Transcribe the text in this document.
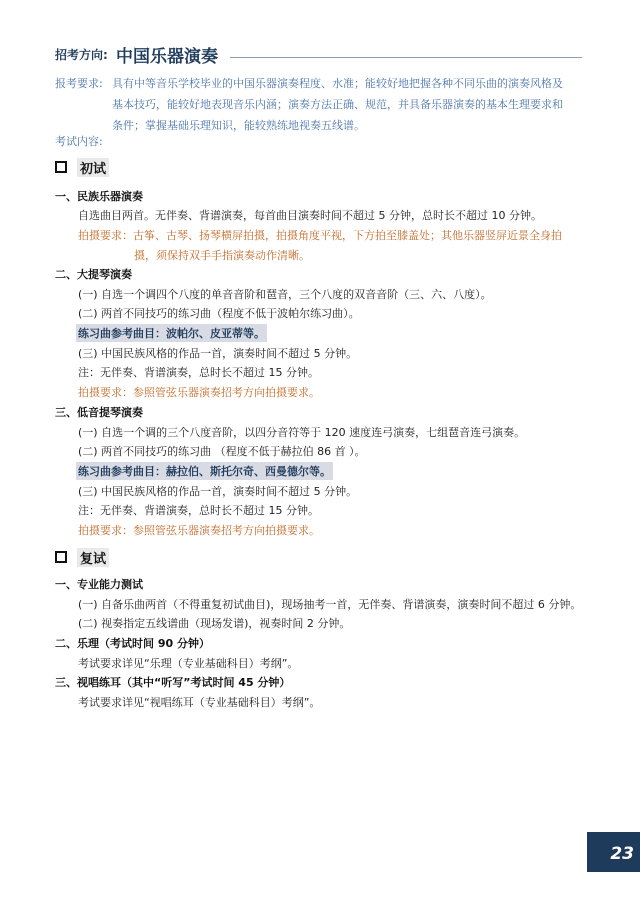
招考方向: 中国乐器演奏
报考要求: 具有中等音乐学校毕业的中国乐器演奏程度、水准；能较好地把握各种不同乐曲的演奏风格及
基本技巧，能较好地表现音乐内涵；演奏方法正确、规范，并具备乐器演奏的基本生理要求和
条件；掌握基础乐理知识，能较熟练地视奏五线谱。
考试内容:
初试
一、民族乐器演奏
自选曲目两首。无伴奏、背谱演奏，每首曲目演奏时间不超过 5 分钟，总时长不超过 10 分钟。
拍摄要求：古筝、古琴、扬琴横屏拍摄，拍摄角度平视，下方拍至膝盖处；其他乐器竖屏近景全身拍
摄，须保持双手手指演奏动作清晰。
二、大提琴演奏
(一) 自选一个调四个八度的单音音阶和琶音，三个八度的双音音阶（三、六、八度）。
(二) 两首不同技巧的练习曲（程度不低于波帕尔练习曲）。
练习曲参考曲目：波帕尔、皮亚蒂等。
(三) 中国民族风格的作品一首，演奏时间不超过 5 分钟。
注：无伴奏、背谱演奏，总时长不超过 15 分钟。
拍摄要求：参照管弦乐器演奏招考方向拍摄要求。
三、低音提琴演奏
(一) 自选一个调的三个八度音阶，以四分音符等于 120 速度连弓演奏，七组琶音连弓演奏。
(二) 两首不同技巧的练习曲 （程度不低于赫拉伯 86 首 ）。
练习曲参考曲目：赫拉伯、斯托尔奇、西曼德尔等。
(三) 中国民族风格的作品一首，演奏时间不超过 5 分钟。
注：无伴奏、背谱演奏，总时长不超过 15 分钟。
拍摄要求：参照管弦乐器演奏招考方向拍摄要求。
复试
一、专业能力测试
(一) 自备乐曲两首（不得重复初试曲目)，现场抽考一首，无伴奏、背谱演奏，演奏时间不超过 6 分钟。
(二) 视奏指定五线谱曲（现场发谱)，视奏时间 2 分钟。
二、乐理（考试时间 90 分钟）
考试要求详见“乐理（专业基础科目）考纲”。
三、视唱练耳（其中“听写”考试时间 45 分钟）
考试要求详见“视唱练耳（专业基础科目）考纲”。
23
